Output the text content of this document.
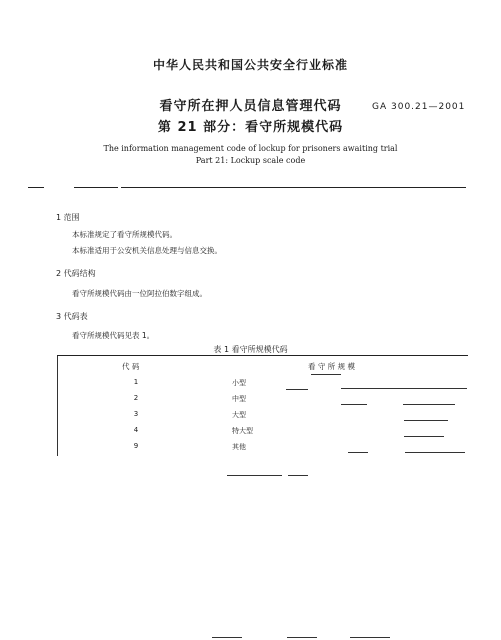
中华人民共和国公共安全行业标准
看守所在押人员信息管理代码
第 21 部分：看守所规模代码
GA 300.21—2001
The information management code of lockup for prisoners awaiting trial
Part 21: Lockup scale code
1 范围
本标准规定了看守所规模代码。
本标准适用于公安机关信息处理与信息交换。
2 代码结构
看守所规模代码由一位阿拉伯数字组成。
3 代码表
看守所规模代码见表 1。
表 1 看守所规模代码
代 码	看 守 所 规 模
1	小型
2	中型
3	大型
4	特大型
9	其他
